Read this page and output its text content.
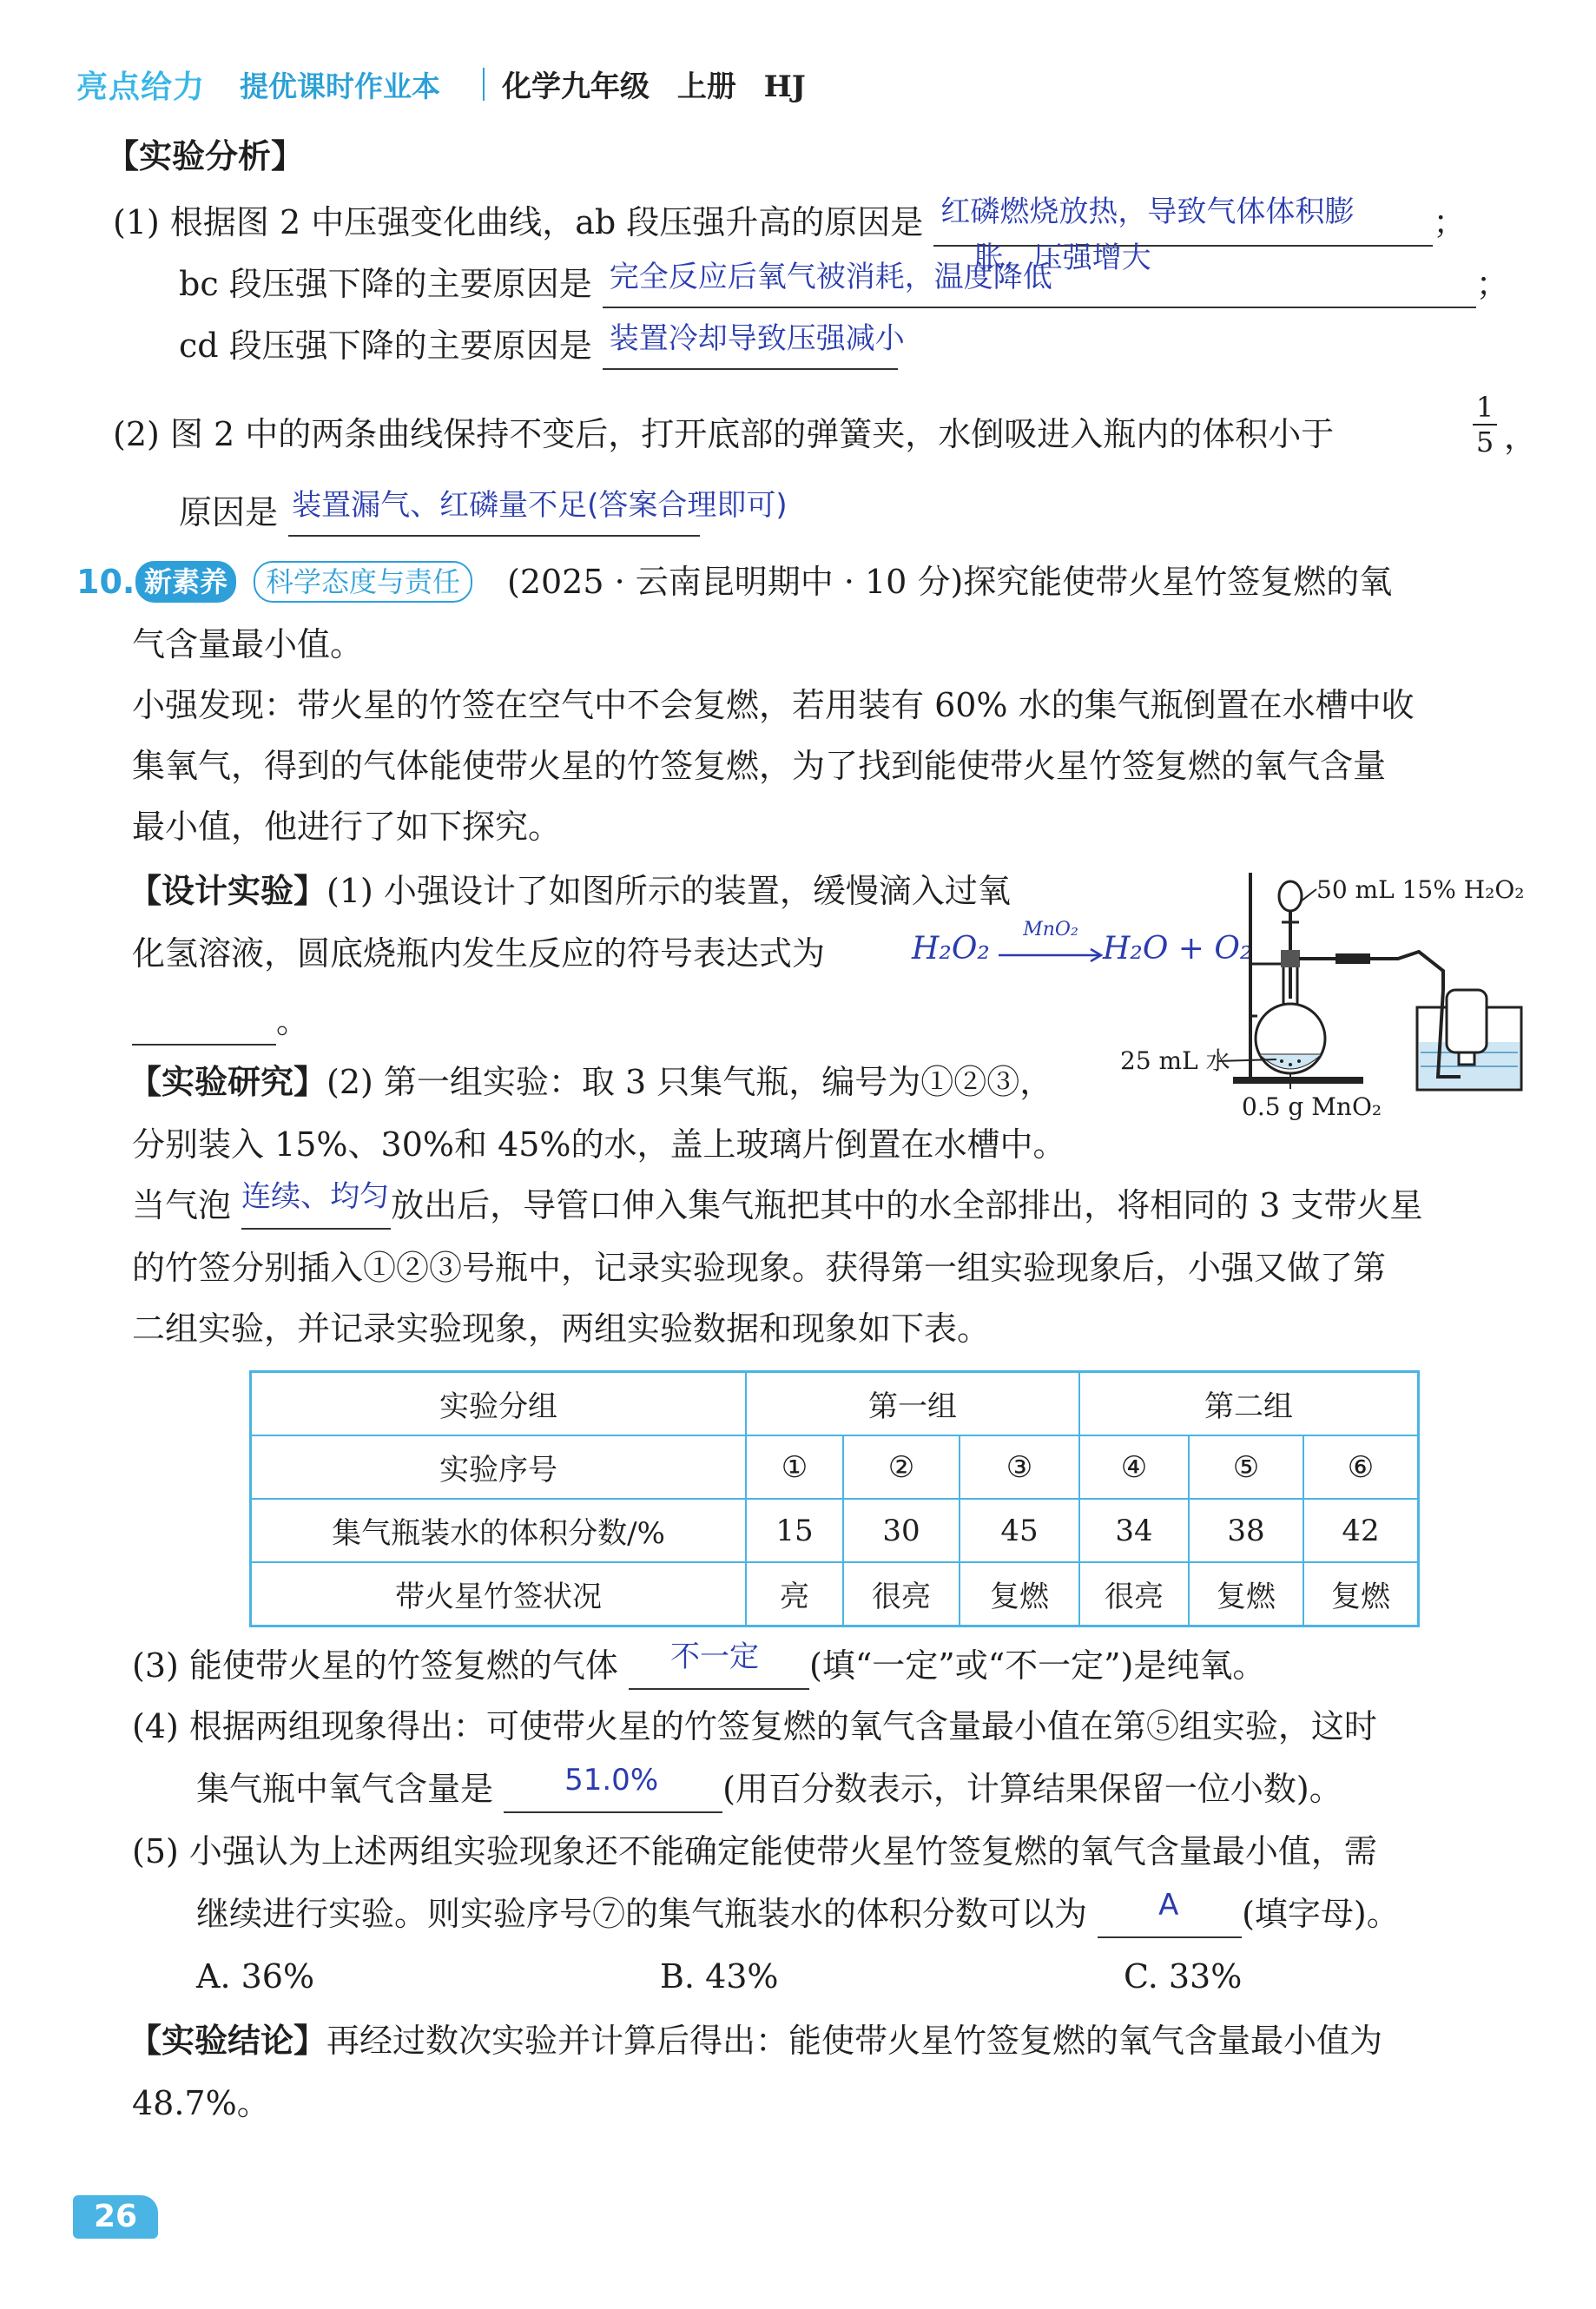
亮点给力 提优课时作业本 化学九年级 上册 HJ
【实验分析】
(1) 根据图 2 中压强变化曲线，ab 段压强升高的原因是 红磷燃烧放热，导致气体体积膨 ；
bc 段压强下降的主要原因是 完全反应后氧气被消耗，温度降低
胀，压强增大
；
cd 段压强下降的主要原因是 装置冷却导致压强减小

(2) 图 2 中的两条曲线保持不变后，打开底部的弹簧夹，水倒吸进入瓶内的体积小于	$\frac{1}{5}$ ，
原因是 装置漏气、红磷量不足(答案合理即可)

10. 新素养	科学态度与责任	(2025 · 云南昆明期中 · 10 分)探究能使带火星竹签复燃的氧
气含量最小值。
小强发现：带火星的竹签在空气中不会复燃，若用装有 60% 水的集气瓶倒置在水槽中收
集氧气，得到的气体能使带火星的竹签复燃，为了找到能使带火星竹签复燃的氧气含量
最小值，他进行了如下探究。
【设计实验】(1) 小强设计了如图所示的装置，缓慢滴入过氧
化氢溶液，圆底烧瓶内发生反应的符号表达式为	H₂O₂
MnO₂
H₂O + O₂
。
【实验研究】(2) 第一组实验：取 3 只集气瓶，编号为①②③，
分别装入 15%、30%和 45%的水，盖上玻璃片倒置在水槽中。
当气泡 连续、均匀 放出后，导管口伸入集气瓶把其中的水全部排出，将相同的 3 支带火星
的竹签分别插入①②③号瓶中，记录实验现象。获得第一组实验现象后，小强又做了第
二组实验，并记录实验现象，两组实验数据和现象如下表。
50 mL 15% H₂O₂
25 mL 水
0.5 g MnO₂
实验分组	第一组			第二组		
实验序号	①	②	③	④	⑤	⑥
集气瓶装水的体积分数/%	15	30	45	34	38	42
带火星竹签状况	亮	很亮	复燃	很亮	复燃	复燃
(3) 能使带火星的竹签复燃的气体 不一定 (填“一定”或“不一定”)是纯氧。
(4) 根据两组现象得出：可使带火星的竹签复燃的氧气含量最小值在第⑤组实验，这时
集气瓶中氧气含量是 51.0% (用百分数表示，计算结果保留一位小数)。
(5) 小强认为上述两组实验现象还不能确定能使带火星竹签复燃的氧气含量最小值，需
继续进行实验。则实验序号⑦的集气瓶装水的体积分数可以为 A (填字母)。
A. 36%	B. 43%	C. 33%
【实验结论】再经过数次实验并计算后得出：能使带火星竹签复燃的氧气含量最小值为
48.7%。
26
